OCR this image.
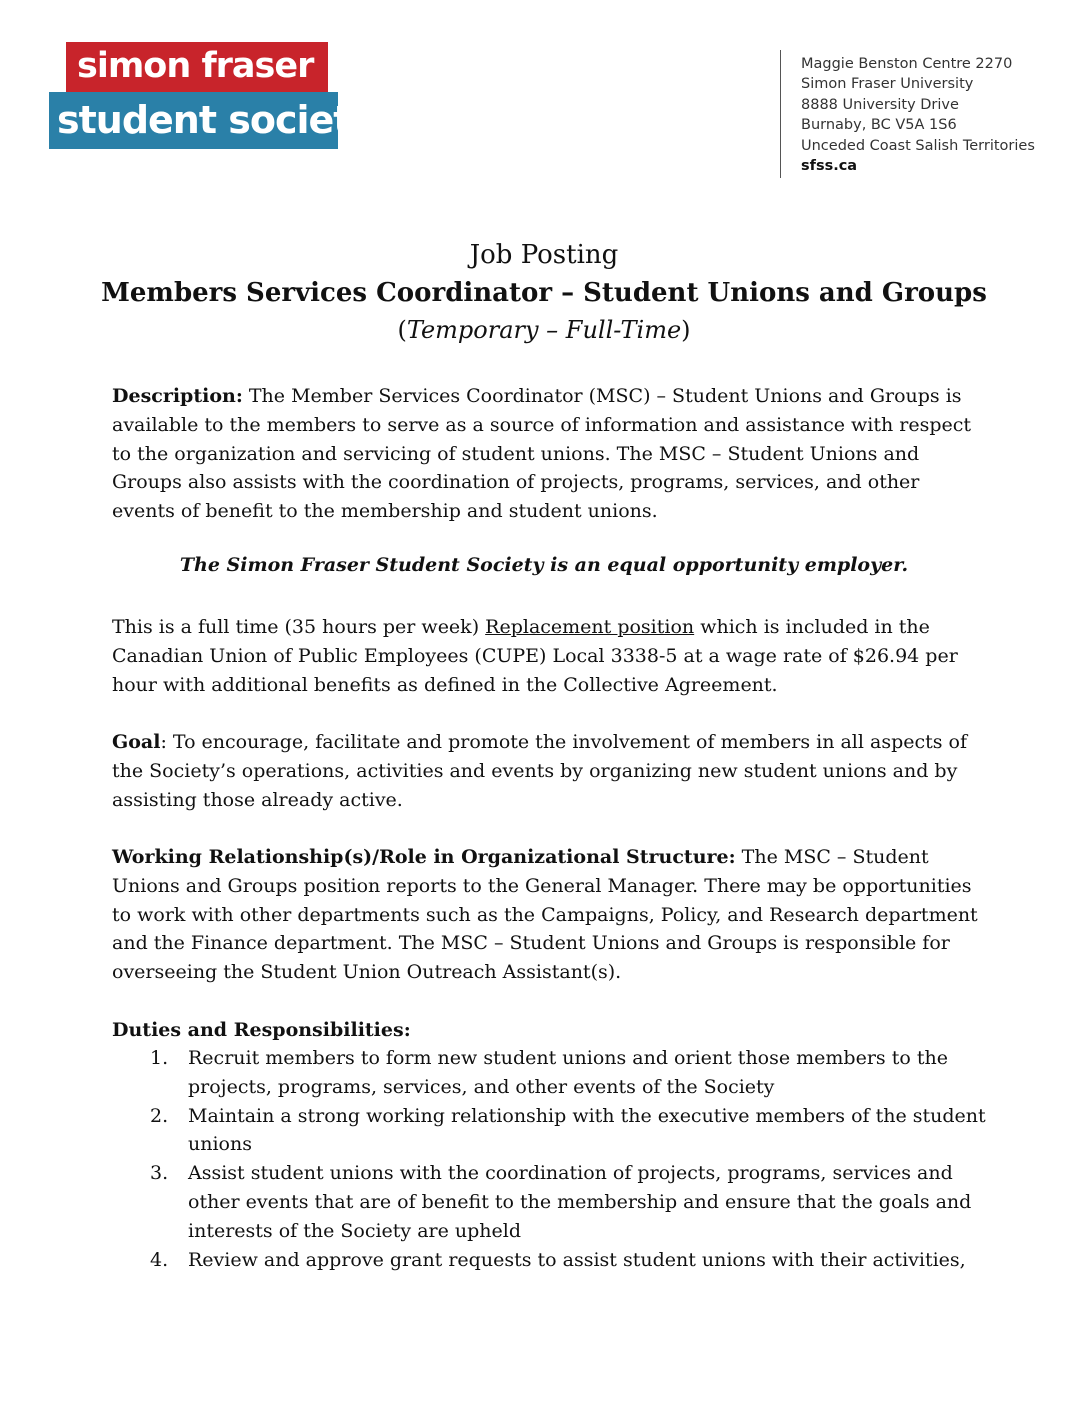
simon fraser
student society
Maggie Benston Centre 2270
Simon Fraser University
8888 University Drive
Burnaby, BC V5A 1S6
Unceded Coast Salish Territories
sfss.ca
Job Posting
Members Services Coordinator – Student Unions and Groups
(Temporary – Full-Time)

Description: The Member Services Coordinator (MSC) – Student Unions and Groups is available to the members to serve as a source of information and assistance with respect to the organization and servicing of student unions. The MSC – Student Unions and Groups also assists with the coordination of projects, programs, services, and other events of benefit to the membership and student unions.

The Simon Fraser Student Society is an equal opportunity employer.

This is a full time (35 hours per week) Replacement position which is included in the Canadian Union of Public Employees (CUPE) Local 3338-5 at a wage rate of $26.94 per hour with additional benefits as defined in the Collective Agreement.

Goal: To encourage, facilitate and promote the involvement of members in all aspects of the Society’s operations, activities and events by organizing new student unions and by assisting those already active.

Working Relationship(s)/Role in Organizational Structure: The MSC – Student Unions and Groups position reports to the General Manager. There may be opportunities to work with other departments such as the Campaigns, Policy, and Research department and the Finance department. The MSC – Student Unions and Groups is responsible for overseeing the Student Union Outreach Assistant(s).

Duties and Responsibilities:
1. Recruit members to form new student unions and orient those members to the projects, programs, services, and other events of the Society
2. Maintain a strong working relationship with the executive members of the student unions
3. Assist student unions with the coordination of projects, programs, services and other events that are of benefit to the membership and ensure that the goals and interests of the Society are upheld
4. Review and approve grant requests to assist student unions with their activities,
